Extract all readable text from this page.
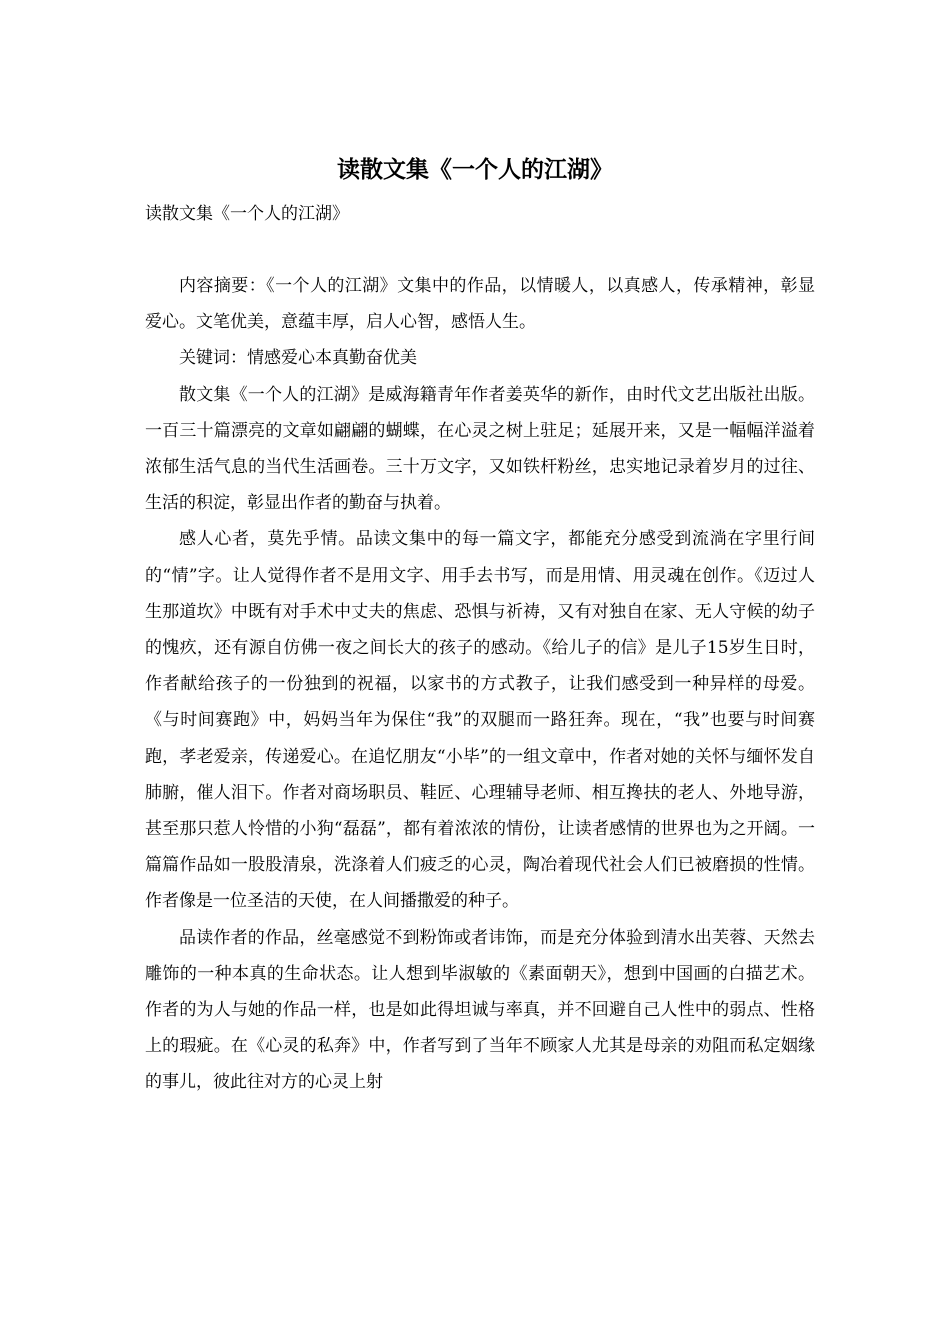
读散文集《一个人的江湖》

读散文集《一个人的江湖》

内容摘要：《一个人的江湖》文集中的作品，以情暖人，以真感人，传承精神，彰显爱心。文笔优美，意蕴丰厚，启人心智，感悟人生。

关键词：情感爱心本真勤奋优美

散文集《一个人的江湖》是威海籍青年作者姜英华的新作，由时代文艺出版社出版。一百三十篇漂亮的文章如翩翩的蝴蝶，在心灵之树上驻足；延展开来，又是一幅幅洋溢着浓郁生活气息的当代生活画卷。三十万文字，又如铁杆粉丝，忠实地记录着岁月的过往、生活的积淀，彰显出作者的勤奋与执着。

感人心者，莫先乎情。品读文集中的每一篇文字，都能充分感受到流淌在字里行间的“情”字。让人觉得作者不是用文字、用手去书写，而是用情、用灵魂在创作。《迈过人生那道坎》中既有对手术中丈夫的焦虑、恐惧与祈祷，又有对独自在家、无人守候的幼子的愧疚，还有源自仿佛一夜之间长大的孩子的感动。《给儿子的信》是儿子15岁生日时，作者献给孩子的一份独到的祝福，以家书的方式教子，让我们感受到一种异样的母爱。《与时间赛跑》中，妈妈当年为保住“我”的双腿而一路狂奔。现在，“我”也要与时间赛跑，孝老爱亲，传递爱心。在追忆朋友“小毕”的一组文章中，作者对她的关怀与缅怀发自肺腑，催人泪下。作者对商场职员、鞋匠、心理辅导老师、相互搀扶的老人、外地导游，甚至那只惹人怜惜的小狗“磊磊”，都有着浓浓的情份，让读者感情的世界也为之开阔。一篇篇作品如一股股清泉，洗涤着人们疲乏的心灵，陶冶着现代社会人们已被磨损的性情。作者像是一位圣洁的天使，在人间播撒爱的种子。

品读作者的作品，丝毫感觉不到粉饰或者讳饰，而是充分体验到清水出芙蓉、天然去雕饰的一种本真的生命状态。让人想到毕淑敏的《素面朝天》，想到中国画的白描艺术。作者的为人与她的作品一样，也是如此得坦诚与率真，并不回避自己人性中的弱点、性格上的瑕疵。在《心灵的私奔》中，作者写到了当年不顾家人尤其是母亲的劝阻而私定姻缘的事儿，彼此往对方的心灵上射
